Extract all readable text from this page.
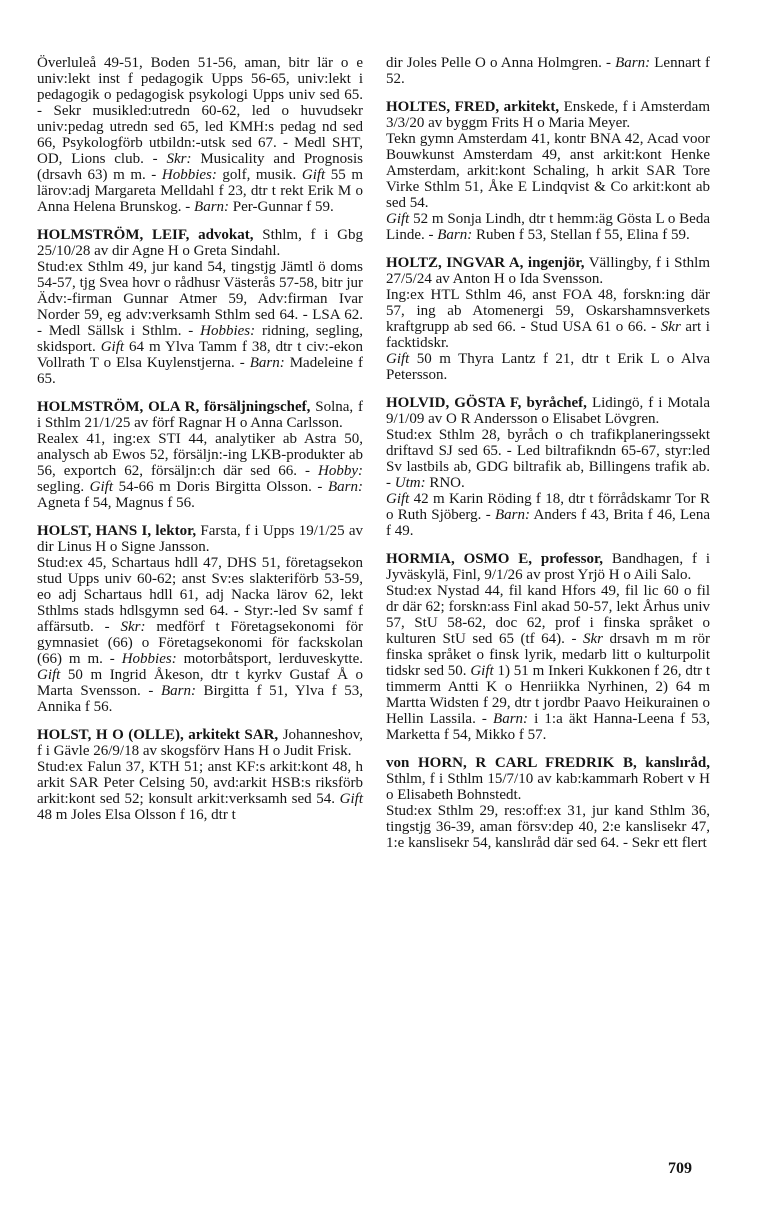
Överluleå 49-51, Boden 51-56, aman, bitr lär o e univ:lekt inst f pedagogik Upps 56-65, univ:lekt i pedagogik o pedagogisk psykologi Upps univ sed 65. - Sekr musikled:utredn 60-62, led o huvudsekr univ:pedag utredn sed 65, led KMH:s pedag nd sed 66, Psykologförb utbildn:-utsk sed 67. - Medl SHT, OD, Lions club. - Skr: Musicality and Prognosis (drsavh 63) m m. - Hobbies: golf, musik. Gift 55 m lärov:adj Margareta Melldahl f 23, dtr t rekt Erik M o Anna Helena Brunskog. - Barn: Per-Gunnar f 59.

HOLMSTRÖM, LEIF, advokat, Sthlm, f i Gbg 25/10/28 av dir Agne H o Greta Sindahl.

Stud:ex Sthlm 49, jur kand 54, tingstjg Jämtl ö doms 54-57, tjg Svea hovr o rådhusr Västerås 57-58, bitr jur Ädv:-firman Gunnar Atmer 59, Adv:firman Ivar Norder 59, eg adv:verksamh Sthlm sed 64. - LSA 62. - Medl Sällsk i Sthlm. - Hobbies: ridning, segling, skidsport. Gift 64 m Ylva Tamm f 38, dtr t civ:-ekon Vollrath T o Elsa Kuylenstjerna. - Barn: Madeleine f 65.

HOLMSTRÖM, OLA R, försäljningschef, Solna, f i Sthlm 21/1/25 av förf Ragnar H o Anna Carlsson.

Realex 41, ing:ex STI 44, analytiker ab Astra 50, analysch ab Ewos 52, försäljn:-ing LKB-produkter ab 56, exportch 62, försäljn:ch där sed 66. - Hobby: segling. Gift 54-66 m Doris Birgitta Olsson. - Barn: Agneta f 54, Magnus f 56.

HOLST, HANS I, lektor, Farsta, f i Upps 19/1/25 av dir Linus H o Signe Jansson.

Stud:ex 45, Schartaus hdll 47, DHS 51, företagsekon stud Upps univ 60-62; anst Sv:es slakteriförb 53-59, eo adj Schartaus hdll 61, adj Nacka lärov 62, lekt Sthlms stads hdlsgymn sed 64. - Styr:-led Sv samf f affärsutb. - Skr: medförf t Företagsekonomi för gymnasiet (66) o Företagsekonomi för fackskolan (66) m m. - Hobbies: motorbåtsport, lerduveskytte. Gift 50 m Ingrid Åkeson, dtr t kyrkv Gustaf Å o Marta Svensson. - Barn: Birgitta f 51, Ylva f 53, Annika f 56.

HOLST, H O (OLLE), arkitekt SAR, Johanneshov, f i Gävle 26/9/18 av skogsförv Hans H o Judit Frisk.

Stud:ex Falun 37, KTH 51; anst KF:s arkit:kont 48, h arkit SAR Peter Celsing 50, avd:arkit HSB:s riksförb arkit:kont sed 52; konsult arkit:verksamh sed 54. Gift 48 m Joles Elsa Olsson f 16, dtr t

dir Joles Pelle O o Anna Holmgren. - Barn: Lennart f 52.

HOLTES, FRED, arkitekt, Enskede, f i Amsterdam 3/3/20 av byggm Frits H o Maria Meyer.

Tekn gymn Amsterdam 41, kontr BNA 42, Acad voor Bouwkunst Amsterdam 49, anst arkit:kont Henke Amsterdam, arkit:kont Schaling, h arkit SAR Tore Virke Sthlm 51, Åke E Lindqvist & Co arkit:kont ab sed 54.

Gift 52 m Sonja Lindh, dtr t hemm:äg Gösta L o Beda Linde. - Barn: Ruben f 53, Stellan f 55, Elina f 59.

HOLTZ, INGVAR A, ingenjör, Vällingby, f i Sthlm 27/5/24 av Anton H o Ida Svensson.

Ing:ex HTL Sthlm 46, anst FOA 48, forskn:ing där 57, ing ab Atomenergi 59, Oskarshamnsverkets kraftgrupp ab sed 66. - Stud USA 61 o 66. - Skr art i facktidskr.

Gift 50 m Thyra Lantz f 21, dtr t Erik L o Alva Petersson.

HOLVID, GÖSTA F, byråchef, Lidingö, f i Motala 9/1/09 av O R Andersson o Elisabet Lövgren.

Stud:ex Sthlm 28, byråch o ch trafikplaneringssekt driftavd SJ sed 65. - Led biltrafikndn 65-67, styr:led Sv lastbils ab, GDG biltrafik ab, Billingens trafik ab. - Utm: RNO.

Gift 42 m Karin Röding f 18, dtr t förrådskamr Tor R o Ruth Sjöberg. - Barn: Anders f 43, Brita f 46, Lena f 49.

HORMIA, OSMO E, professor, Bandhagen, f i Jyväskylä, Finl, 9/1/26 av prost Yrjö H o Aili Salo.

Stud:ex Nystad 44, fil kand Hfors 49, fil lic 60 o fil dr där 62; forskn:ass Finl akad 50-57, lekt Århus univ 57, StU 58-62, doc 62, prof i finska språket o kulturen StU sed 65 (tf 64). - Skr drsavh m m rör finska språket o finsk lyrik, medarb litt o kulturpolit tidskr sed 50. Gift 1) 51 m Inkeri Kukkonen f 26, dtr t timmerm Antti K o Henriikka Nyrhinen, 2) 64 m Martta Widsten f 29, dtr t jordbr Paavo Heikurainen o Hellin Lassila. - Barn: i 1:a äkt Hanna-Leena f 53, Marketta f 54, Mikko f 57.

von HORN, R CARL FREDRIK B, kanslıråd, Sthlm, f i Sthlm 15/7/10 av kab:kammarh Robert v H o Elisabeth Bohnstedt.

Stud:ex Sthlm 29, res:off:ex 31, jur kand Sthlm 36, tingstjg 36-39, aman försv:dep 40, 2:e kanslisekr 47, 1:e kanslisekr 54, kanslıråd där sed 64. - Sekr ett flert

709
